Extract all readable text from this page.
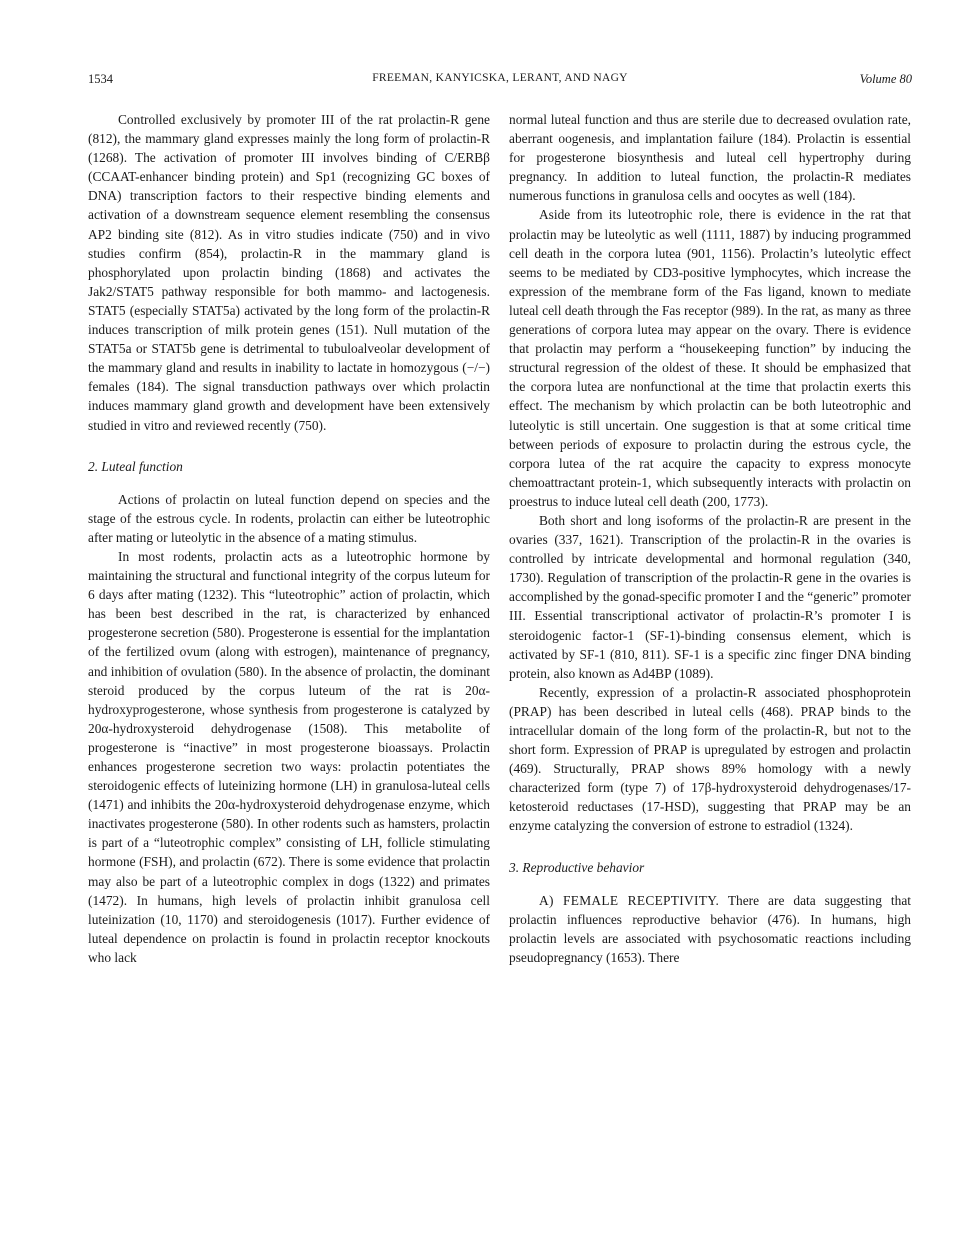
1534	FREEMAN, KANYICSKA, LERANT, AND NAGY	Volume 80

Controlled exclusively by promoter III of the rat prolactin-R gene (812), the mammary gland expresses mainly the long form of prolactin-R (1268). The activation of promoter III involves binding of C/ERBβ (CCAAT-enhancer binding protein) and Sp1 (recognizing GC boxes of DNA) transcription factors to their respective binding elements and activation of a downstream sequence element resembling the consensus AP2 binding site (812). As in vitro studies indicate (750) and in vivo studies confirm (854), prolactin-R in the mammary gland is phosphorylated upon prolactin binding (1868) and activates the Jak2/STAT5 pathway responsible for both mammo- and lactogenesis. STAT5 (especially STAT5a) activated by the long form of the prolactin-R induces transcription of milk protein genes (151). Null mutation of the STAT5a or STAT5b gene is detrimental to tubuloalveolar development of the mammary gland and results in inability to lactate in homozygous (−/−) females (184). The signal transduction pathways over which prolactin induces mammary gland growth and development have been extensively studied in vitro and reviewed recently (750).

2. Luteal function

Actions of prolactin on luteal function depend on species and the stage of the estrous cycle. In rodents, prolactin can either be luteotrophic after mating or luteolytic in the absence of a mating stimulus.

In most rodents, prolactin acts as a luteotrophic hormone by maintaining the structural and functional integrity of the corpus luteum for 6 days after mating (1232). This “luteotrophic” action of prolactin, which has been best described in the rat, is characterized by enhanced progesterone secretion (580). Progesterone is essential for the implantation of the fertilized ovum (along with estrogen), maintenance of pregnancy, and inhibition of ovulation (580). In the absence of prolactin, the dominant steroid produced by the corpus luteum of the rat is 20α-hydroxyprogesterone, whose synthesis from progesterone is catalyzed by 20α-hydroxysteroid dehydrogenase (1508). This metabolite of progesterone is “inactive” in most progesterone bioassays. Prolactin enhances progesterone secretion two ways: prolactin potentiates the steroidogenic effects of luteinizing hormone (LH) in granulosa-luteal cells (1471) and inhibits the 20α-hydroxysteroid dehydrogenase enzyme, which inactivates progesterone (580). In other rodents such as hamsters, prolactin is part of a “luteotrophic complex” consisting of LH, follicle stimulating hormone (FSH), and prolactin (672). There is some evidence that prolactin may also be part of a luteotrophic complex in dogs (1322) and primates (1472). In humans, high levels of prolactin inhibit granulosa cell luteinization (10, 1170) and steroidogenesis (1017). Further evidence of luteal dependence on prolactin is found in prolactin receptor knockouts who lack

normal luteal function and thus are sterile due to decreased ovulation rate, aberrant oogenesis, and implantation failure (184). Prolactin is essential for progesterone biosynthesis and luteal cell hypertrophy during pregnancy. In addition to luteal function, the prolactin-R mediates numerous functions in granulosa cells and oocytes as well (184).

Aside from its luteotrophic role, there is evidence in the rat that prolactin may be luteolytic as well (1111, 1887) by inducing programmed cell death in the corpora lutea (901, 1156). Prolactin’s luteolytic effect seems to be mediated by CD3-positive lymphocytes, which increase the expression of the membrane form of the Fas ligand, known to mediate luteal cell death through the Fas receptor (989). In the rat, as many as three generations of corpora lutea may appear on the ovary. There is evidence that prolactin may perform a “housekeeping function” by inducing the structural regression of the oldest of these. It should be emphasized that the corpora lutea are nonfunctional at the time that prolactin exerts this effect. The mechanism by which prolactin can be both luteotrophic and luteolytic is still uncertain. One suggestion is that at some critical time between periods of exposure to prolactin during the estrous cycle, the corpora lutea of the rat acquire the capacity to express monocyte chemoattractant protein-1, which subsequently interacts with prolactin on proestrus to induce luteal cell death (200, 1773).

Both short and long isoforms of the prolactin-R are present in the ovaries (337, 1621). Transcription of the prolactin-R in the ovaries is controlled by intricate developmental and hormonal regulation (340, 1730). Regulation of transcription of the prolactin-R gene in the ovaries is accomplished by the gonad-specific promoter I and the “generic” promoter III. Essential transcriptional activator of prolactin-R’s promoter I is steroidogenic factor-1 (SF-1)-binding consensus element, which is activated by SF-1 (810, 811). SF-1 is a specific zinc finger DNA binding protein, also known as Ad4BP (1089).

Recently, expression of a prolactin-R associated phosphoprotein (PRAP) has been described in luteal cells (468). PRAP binds to the intracellular domain of the long form of the prolactin-R, but not to the short form. Expression of PRAP is upregulated by estrogen and prolactin (469). Structurally, PRAP shows 89% homology with a newly characterized form (type 7) of 17β-hydroxysteroid dehydrogenases/17-ketosteroid reductases (17-HSD), suggesting that PRAP may be an enzyme catalyzing the conversion of estrone to estradiol (1324).

3. Reproductive behavior

A) FEMALE RECEPTIVITY. There are data suggesting that prolactin influences reproductive behavior (476). In humans, high prolactin levels are associated with psychosomatic reactions including pseudopregnancy (1653). There
